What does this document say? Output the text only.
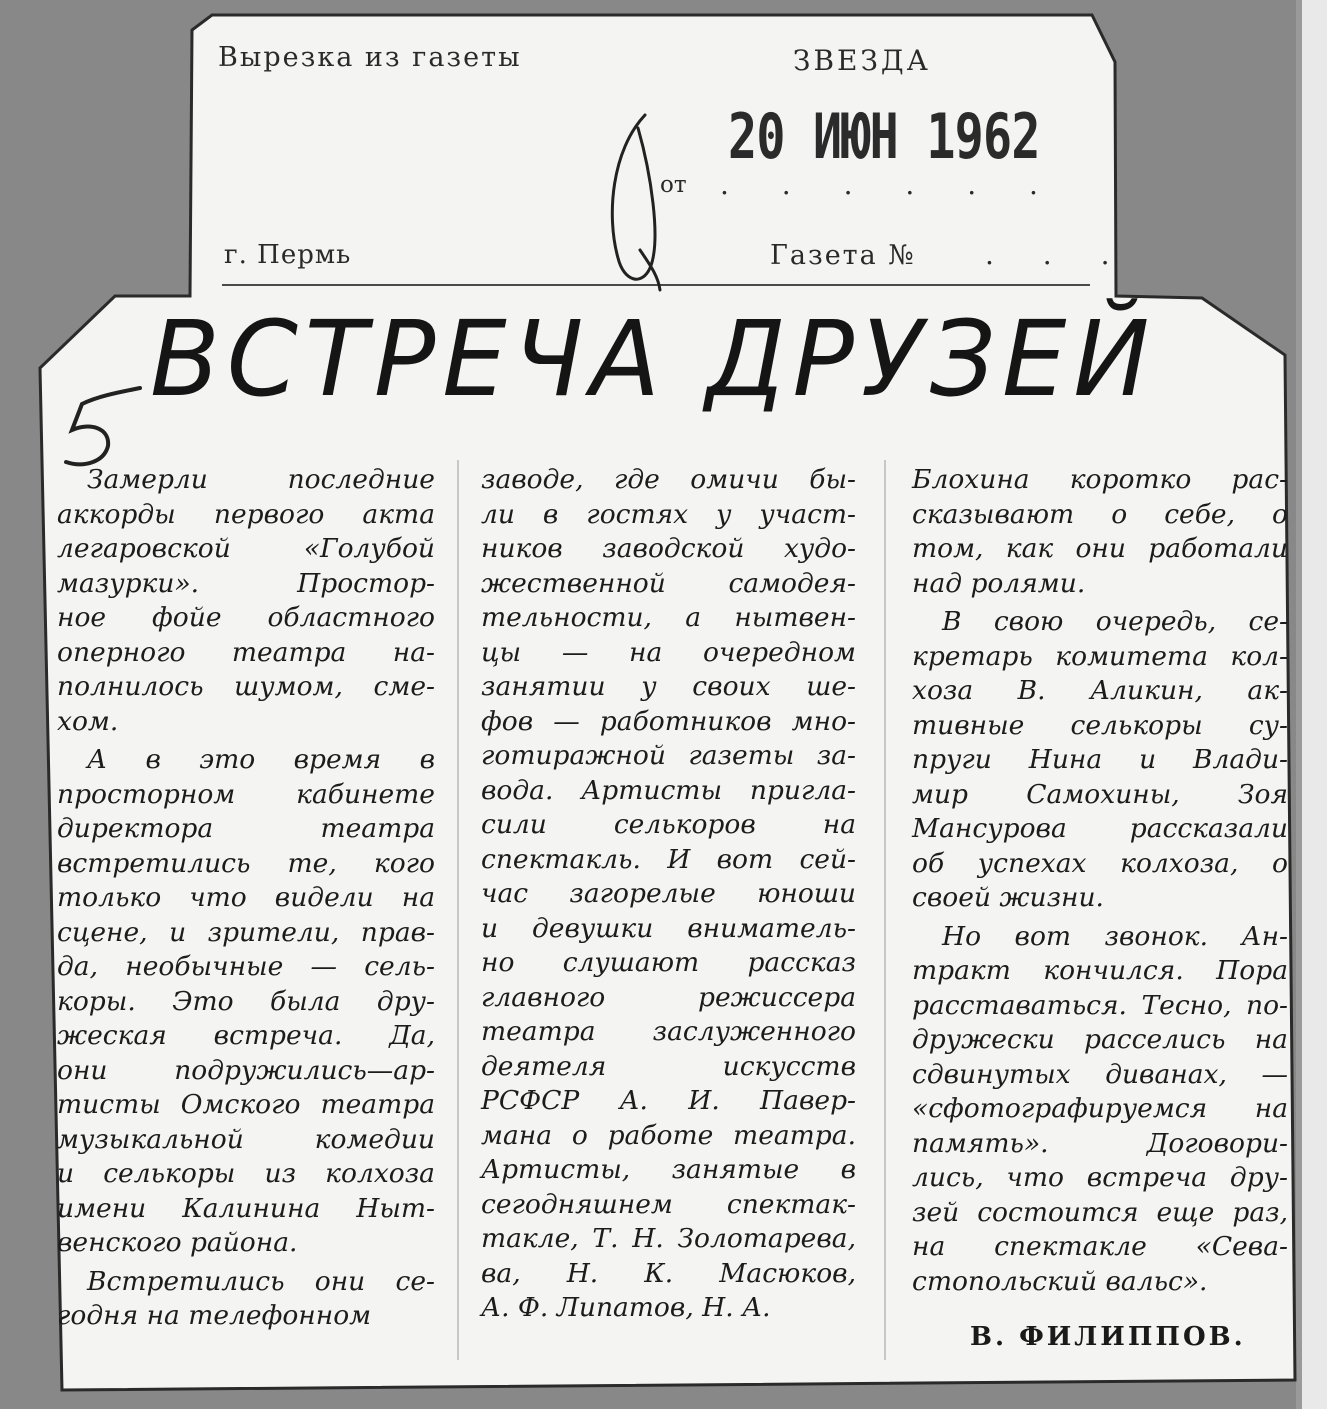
Вырезка из газеты	ЗВЕЗДА
от . . . . . .
20 ИЮН 1962
г. Пермь	Газета № . . .
ВСТРЕЧА ДРУЗЕЙ
Замерли последние
аккорды первого акта
легаровской «Голубой
мазурки». Простор-
ное фойе областного
оперного театра на-
полнилось шумом, сме-
хом.
А в это время в
просторном кабинете
директора театра
встретились те, кого
только что видели на
сцене, и зрители, прав-
да, необычные — сель-
коры. Это была дру-
жеская встреча. Да,
они подружились—ар-
тисты Омского театра
музыкальной комедии
и селькоры из колхоза
имени Калинина Ныт-
венского района.
Встретились они се-
годня на телефонном
заводе, где омичи бы-
ли в гостях у участ-
ников заводской худо-
жественной самодея-
тельности, а нытвен-
цы — на очередном
занятии у своих ше-
фов — работников мно-
готиражной газеты за-
вода. Артисты пригла-
сили селькоров на
спектакль. И вот сей-
час загорелые юноши
и девушки вниматель-
но слушают рассказ
главного режиссера
театра заслуженного
деятеля искусств
РСФСР А. И. Павер-
мана о работе театра.
Артисты, занятые в
сегодняшнем спектак-
такле, Т. Н. Золотарева,
ва, Н. К. Масюков,
А. Ф. Липатов, Н. А.
Блохина коротко рас-
сказывают о себе, о
том, как они работали
над ролями.
В свою очередь, се-
кретарь комитета кол-
хоза В. Аликин, ак-
тивные селькоры су-
пруги Нина и Влади-
мир Самохины, Зоя
Мансурова рассказали
об успехах колхоза, о
своей жизни.
Но вот звонок. Ан-
тракт кончился. Пора
расставаться. Тесно, по-
дружески расселись на
сдвинутых диванах, —
«сфотографируемся на
память». Договори-
лись, что встреча дру-
зей состоится еще раз,
на спектакле «Сева-
стопольский вальс».
В. ФИЛИППОВ.
